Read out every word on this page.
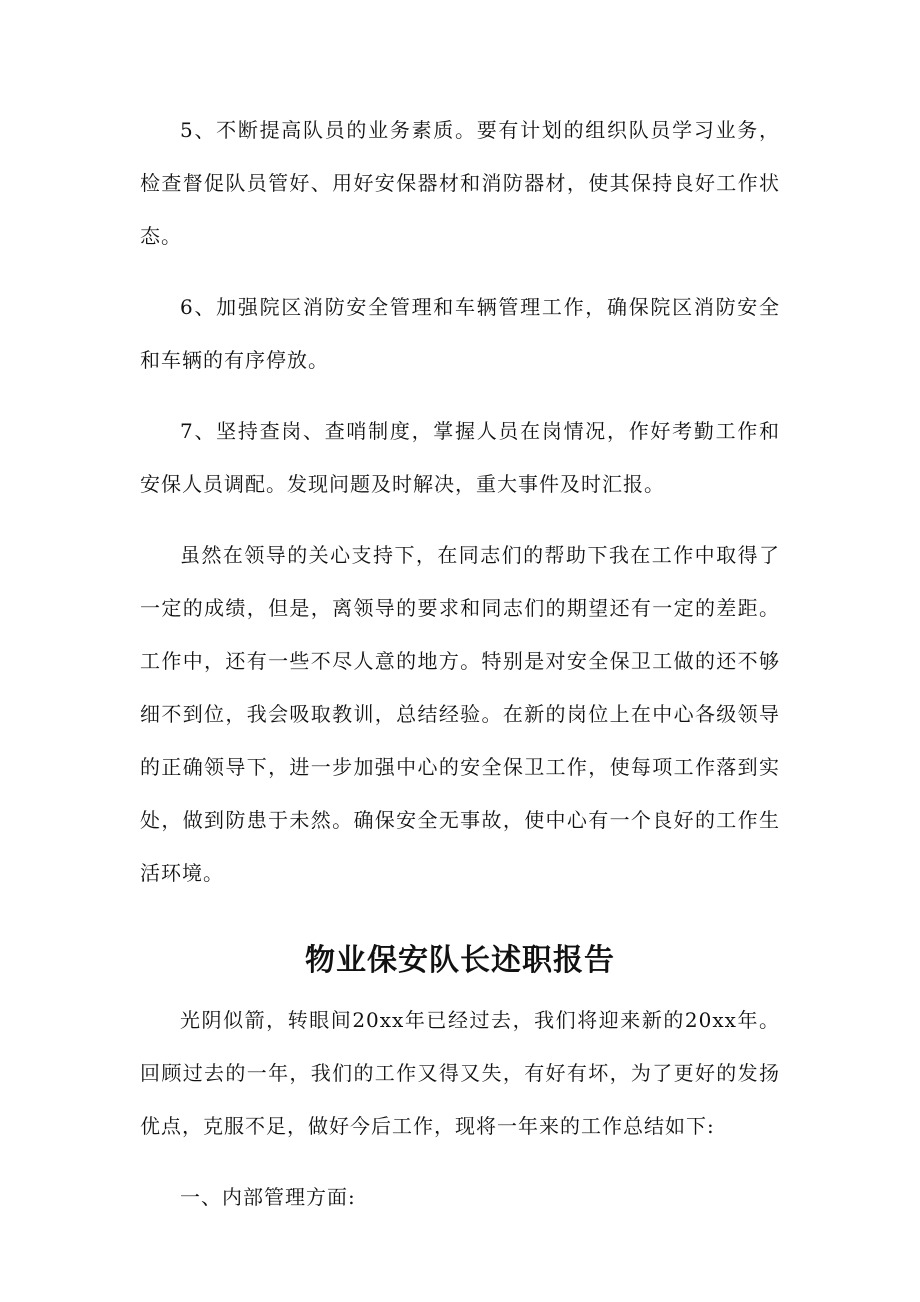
5、不断提高队员的业务素质。要有计划的组织队员学习业务，检查督促队员管好、用好安保器材和消防器材，使其保持良好工作状态。

6、加强院区消防安全管理和车辆管理工作，确保院区消防安全和车辆的有序停放。

7、坚持查岗、查哨制度，掌握人员在岗情况，作好考勤工作和安保人员调配。发现问题及时解决，重大事件及时汇报。

虽然在领导的关心支持下，在同志们的帮助下我在工作中取得了一定的成绩，但是，离领导的要求和同志们的期望还有一定的差距。工作中，还有一些不尽人意的地方。特别是对安全保卫工做的还不够细不到位，我会吸取教训，总结经验。在新的岗位上在中心各级领导的正确领导下，进一步加强中心的安全保卫工作，使每项工作落到实处，做到防患于未然。确保安全无事故，使中心有一个良好的工作生活环境。

物业保安队长述职报告

光阴似箭，转眼间20xx年已经过去，我们将迎来新的20xx年。回顾过去的一年，我们的工作又得又失，有好有坏，为了更好的发扬优点，克服不足，做好今后工作，现将一年来的工作总结如下:

一、内部管理方面:
